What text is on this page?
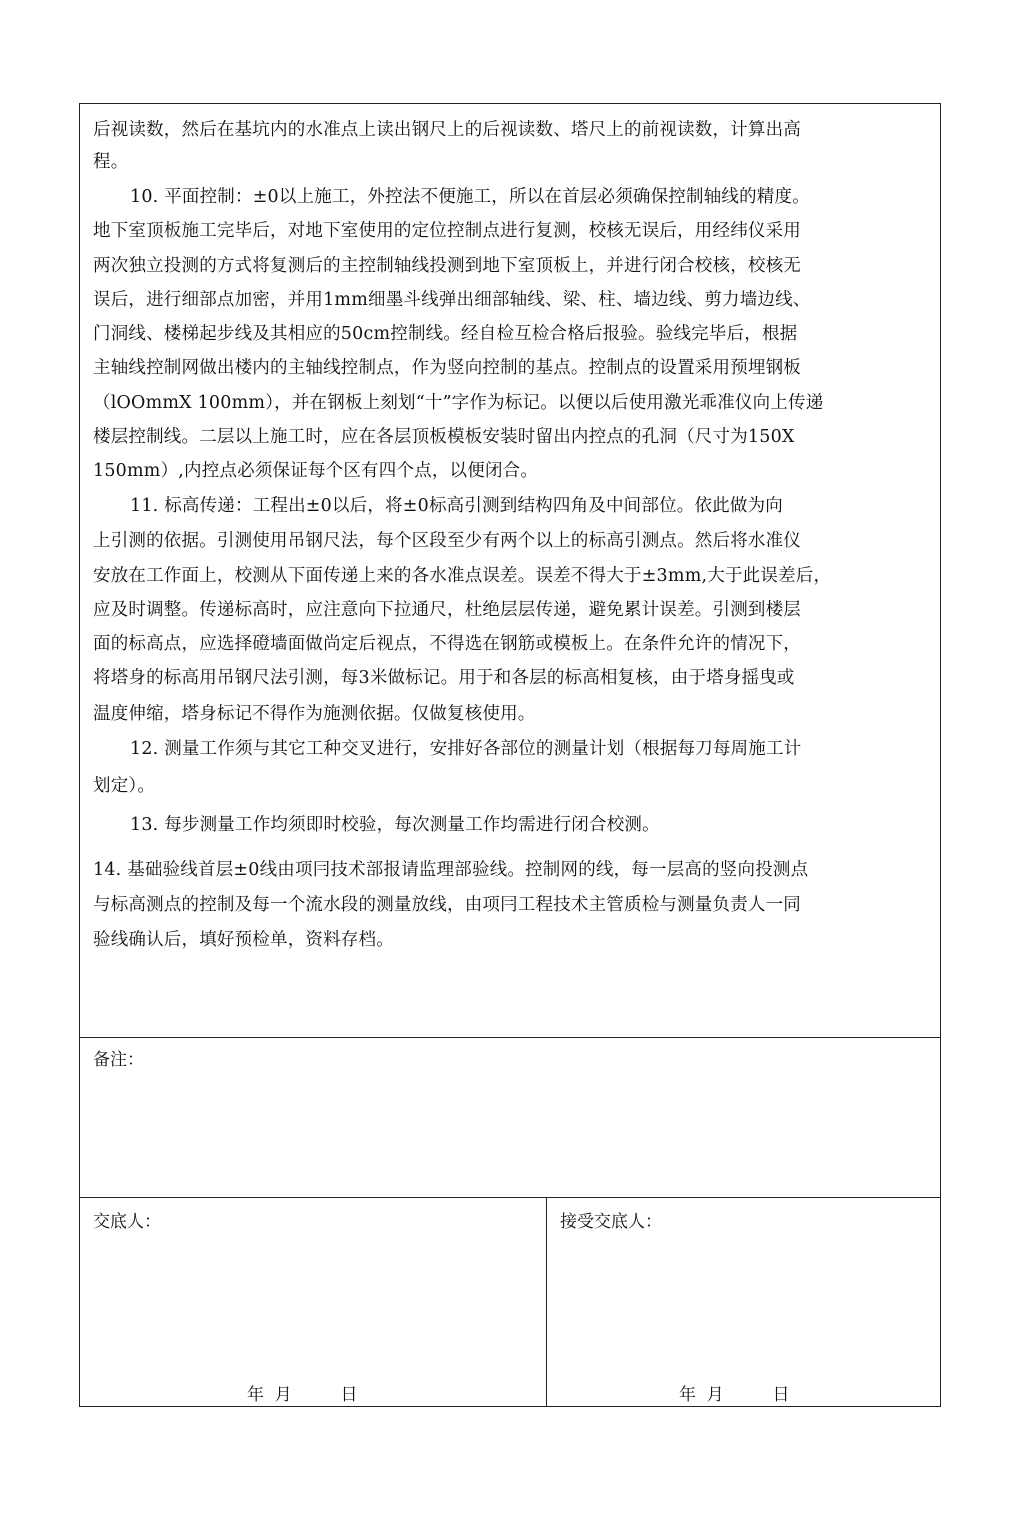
后视读数，然后在基坑内的水准点上读出钢尺上的后视读数、塔尺上的前视读数，计算出高
程。
10. 平面控制：±0以上施工，外控法不便施工，所以在首层必须确保控制轴线的精度。
地下室顶板施工完毕后，对地下室使用的定位控制点进行复测，校核无误后，用经纬仪采用
两次独立投测的方式将复测后的主控制轴线投测到地下室顶板上，并进行闭合校核，校核无
误后，进行细部点加密，并用1mm细墨斗线弹出细部轴线、梁、柱、墙边线、剪力墙边线、
门洞线、楼梯起步线及其相应的50cm控制线。经自检互检合格后报验。验线完毕后，根据
主轴线控制网做出楼内的主轴线控制点，作为竖向控制的基点。控制点的设置采用预埋钢板
（lOOmmX 100mm），并在钢板上刻划“十”字作为标记。以便以后使用激光乖准仪向上传递
楼层控制线。二层以上施工时，应在各层顶板模板安装时留出内控点的孔洞（尺寸为150X
150mm）,内控点必须保证每个区有四个点，以便闭合。
11. 标高传递：工程出±0以后，将±0标高引测到结构四角及中间部位。依此做为向
上引测的依据。引测使用吊钢尺法，每个区段至少有两个以上的标高引测点。然后将水准仪
安放在工作面上，校测从下面传递上来的各水准点误差。误差不得大于±3mm,大于此误差后，
应及时调整。传递标高时，应注意向下拉通尺，杜绝层层传递，避免累计误差。引测到楼层
面的标高点，应选择磴墙面做尚定后视点，不得选在钢筋或模板上。在条件允许的情况下，
将塔身的标高用吊钢尺法引测，每3米做标记。用于和各层的标高相复核，由于塔身摇曳或
温度伸缩，塔身标记不得作为施测依据。仅做复核使用。
12. 测量工作须与其它工种交叉进行，安排好各部位的测量计划（根据每刀每周施工计
划定）。
13. 每步测量工作均须即时校验，每次测量工作均需进行闭合校测。
14. 基础验线首层±0线由项冃技术部报请监理部验线。控制网的线，每一层高的竖向投测点
与标高测点的控制及每一个流水段的测量放线，由项冃工程技术主管质检与测量负责人一同
验线确认后，填好预检单，资料存档。
备注：
交底人：	接受交底人：
年  月         日	年  月         日
